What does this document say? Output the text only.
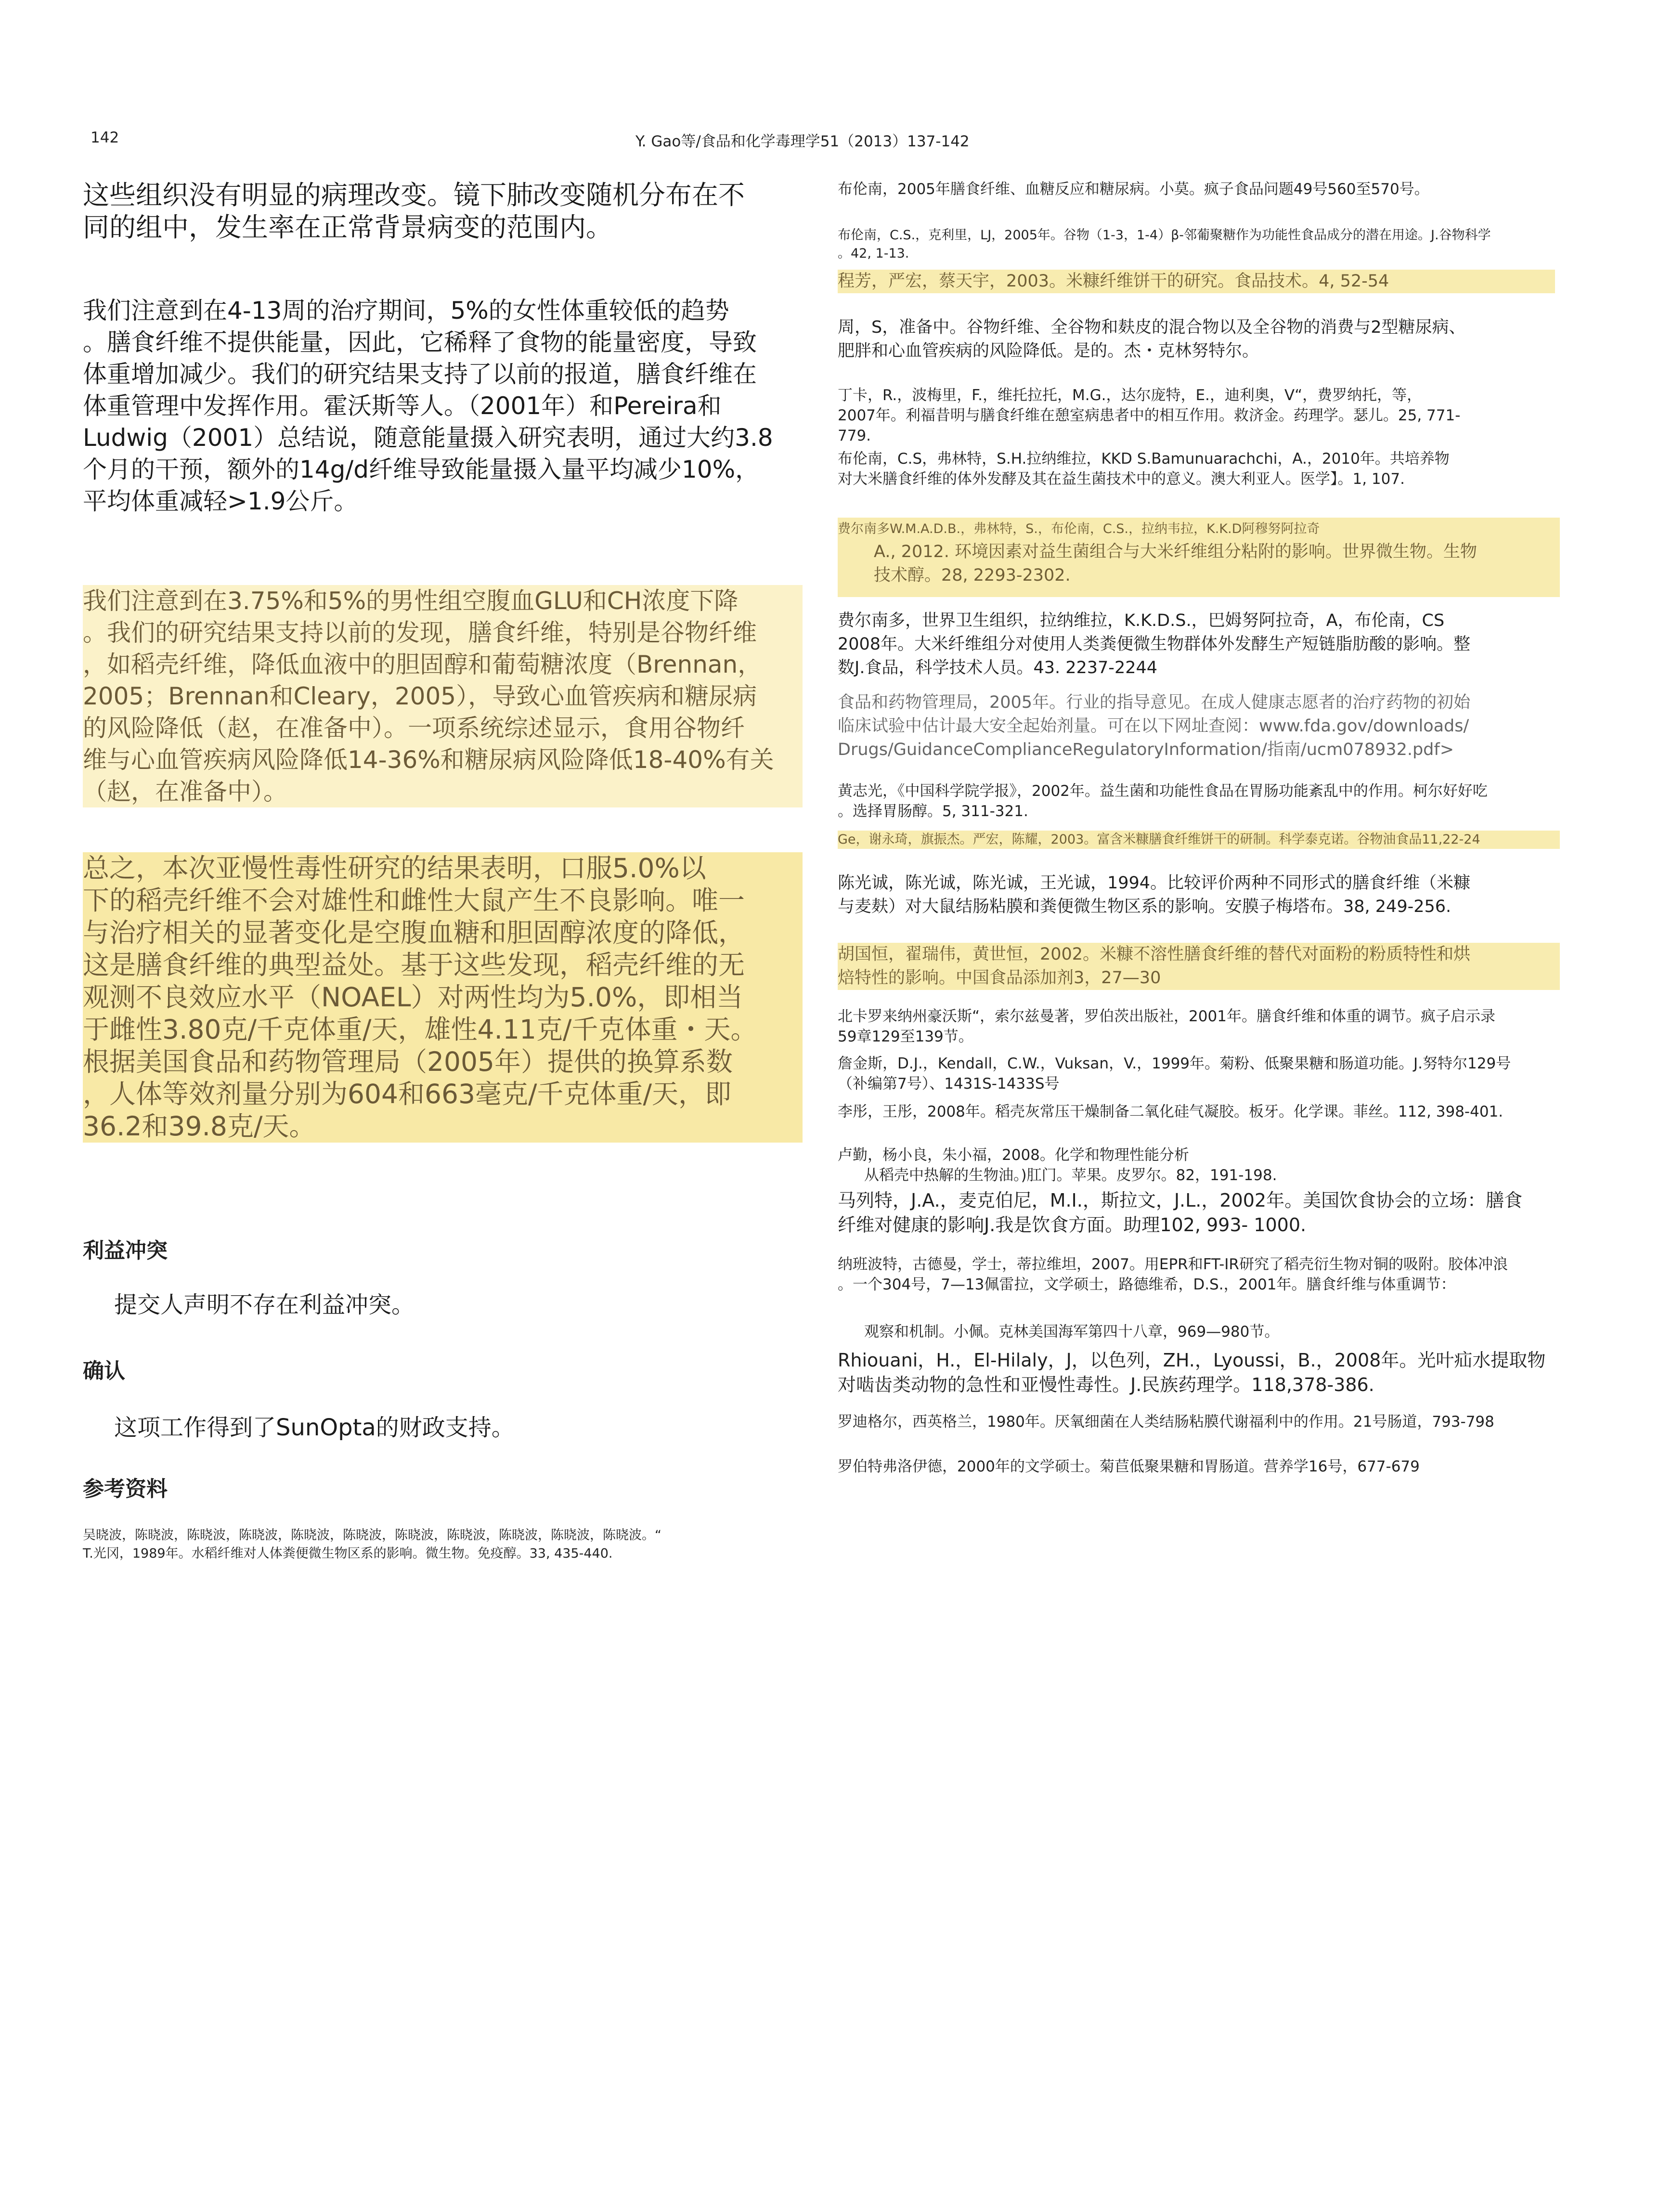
142	Y. Gao等/食品和化学毒理学51（2013）137-142

这些组织没有明显的病理改变。镜下肺改变随机分布在不
同的组中，发生率在正常背景病变的范围内。

我们注意到在4-13周的治疗期间，5%的女性体重较低的趋势
。膳食纤维不提供能量，因此，它稀释了食物的能量密度，导致
体重增加减少。我们的研究结果支持了以前的报道，膳食纤维在
体重管理中发挥作用。霍沃斯等人。（2001年）和Pereira和
Ludwig（2001）总结说，随意能量摄入研究表明，通过大约3.8
个月的干预，额外的14g/d纤维导致能量摄入量平均减少10%，
平均体重减轻>1.9公斤。

我们注意到在3.75%和5%的男性组空腹血GLU和CH浓度下降
。我们的研究结果支持以前的发现，膳食纤维，特别是谷物纤维
，如稻壳纤维，降低血液中的胆固醇和葡萄糖浓度（Brennan，
2005；Brennan和Cleary，2005），导致心血管疾病和糖尿病
的风险降低（赵，在准备中）。一项系统综述显示，食用谷物纤
维与心血管疾病风险降低14-36%和糖尿病风险降低18-40%有关
（赵，在准备中）。

总之，本次亚慢性毒性研究的结果表明，口服5.0%以
下的稻壳纤维不会对雄性和雌性大鼠产生不良影响。唯一
与治疗相关的显著变化是空腹血糖和胆固醇浓度的降低，
这是膳食纤维的典型益处。基于这些发现，稻壳纤维的无
观测不良效应水平（NOAEL）对两性均为5.0%，即相当
于雌性3.80克/千克体重/天，雄性4.11克/千克体重・天。
根据美国食品和药物管理局（2005年）提供的换算系数
，人体等效剂量分别为604和663毫克/千克体重/天，即
36.2和39.8克/天。

利益冲突

提交人声明不存在利益冲突。

确认

这项工作得到了SunOpta的财政支持。

参考资料

吴晓波，陈晓波，陈晓波，陈晓波，陈晓波，陈晓波，陈晓波，陈晓波，陈晓波，陈晓波，陈晓波。“
T.光冈，1989年。水稻纤维对人体粪便微生物区系的影响。微生物。免疫醇。33, 435-440.

布伦南，2005年膳食纤维、血糖反应和糖尿病。小莫。疯子食品问题49号560至570号。

布伦南，C.S.，克利里，LJ，2005年。谷物（1-3，1-4）β-邻葡聚糖作为功能性食品成分的潜在用途。J.谷物科学
。42, 1-13.

程芳，严宏，蔡天宇，2003。米糠纤维饼干的研究。食品技术。4, 52-54

周，S，准备中。谷物纤维、全谷物和麸皮的混合物以及全谷物的消费与2型糖尿病、
肥胖和心血管疾病的风险降低。是的。杰・克林努特尔。

丁卡，R.，波梅里，F.，维托拉托，M.G.，达尔庞特，E.，迪利奥，V“，费罗纳托，等，
2007年。利福昔明与膳食纤维在憩室病患者中的相互作用。救济金。药理学。瑟儿。25, 771-
779.

布伦南，C.S，弗林特，S.H.拉纳维拉，KKD S.Bamunuarachchi，A.，2010年。共培养物
对大米膳食纤维的体外发酵及其在益生菌技术中的意义。澳大利亚人。医学】。1, 107.

费尔南多W.M.A.D.B.，弗林特，S.，布伦南，C.S.，拉纳韦拉，K.K.D阿穆努阿拉奇

A., 2012. 环境因素对益生菌组合与大米纤维组分粘附的影响。世界微生物。生物
技术醇。28, 2293-2302.

费尔南多，世界卫生组织，拉纳维拉，K.K.D.S.，巴姆努阿拉奇，A，布伦南，CS
2008年。大米纤维组分对使用人类粪便微生物群体外发酵生产短链脂肪酸的影响。整
数J.食品，科学技术人员。43. 2237-2244

食品和药物管理局，2005年。行业的指导意见。在成人健康志愿者的治疗药物的初始
临床试验中估计最大安全起始剂量。可在以下网址查阅：www.fda.gov/downloads/
Drugs/GuidanceComplianceRegulatoryInformation/指南/ucm078932.pdf>

黄志光，《中国科学院学报》，2002年。益生菌和功能性食品在胃肠功能紊乱中的作用。柯尔好好吃
。选择胃肠醇。5, 311-321.

Ge，谢永琦，旗振杰。严宏，陈耀，2003。富含米糠膳食纤维饼干的研制。科学泰克诺。谷物油食品11,22-24

陈光诚，陈光诚，陈光诚，王光诚，1994。比较评价两种不同形式的膳食纤维（米糠
与麦麸）对大鼠结肠粘膜和粪便微生物区系的影响。安膜子梅塔布。38, 249-256.

胡国恒，翟瑞伟，黄世恒，2002。米糠不溶性膳食纤维的替代对面粉的粉质特性和烘
焙特性的影响。中国食品添加剂3，27—30

北卡罗来纳州豪沃斯“，索尔兹曼著，罗伯茨出版社，2001年。膳食纤维和体重的调节。疯子启示录
59章129至139节。

詹金斯，D.J.，Kendall，C.W.，Vuksan，V.，1999年。菊粉、低聚果糖和肠道功能。J.努特尔129号
（补编第7号）、1431S-1433S号

李彤，王彤，2008年。稻壳灰常压干燥制备二氧化硅气凝胶。板牙。化学课。菲丝。112, 398-401.

卢勤，杨小良，朱小福，2008。化学和物理性能分析

从稻壳中热解的生物油。)肛门。苹果。皮罗尔。82，191-198.

马列特，J.A.，麦克伯尼，M.I.，斯拉文，J.L.，2002年。美国饮食协会的立场：膳食
纤维对健康的影响J.我是饮食方面。助理102, 993- 1000.

纳班波特，古德曼，学士，蒂拉维坦，2007。用EPR和FT-IR研究了稻壳衍生物对铜的吸附。胶体冲浪
。一个304号，7—13佩雷拉，文学硕士，路德维希，D.S.，2001年。膳食纤维与体重调节：

观察和机制。小佩。克林美国海军第四十八章，969—980节。

Rhiouani，H.，El-Hilaly，J，以色列，ZH.，Lyoussi，B.，2008年。光叶疝水提取物
对啮齿类动物的急性和亚慢性毒性。J.民族药理学。118,378-386.

罗迪格尔，西英格兰，1980年。厌氧细菌在人类结肠粘膜代谢福利中的作用。21号肠道，793-798

罗伯特弗洛伊德，2000年的文学硕士。菊苣低聚果糖和胃肠道。营养学16号，677-679
